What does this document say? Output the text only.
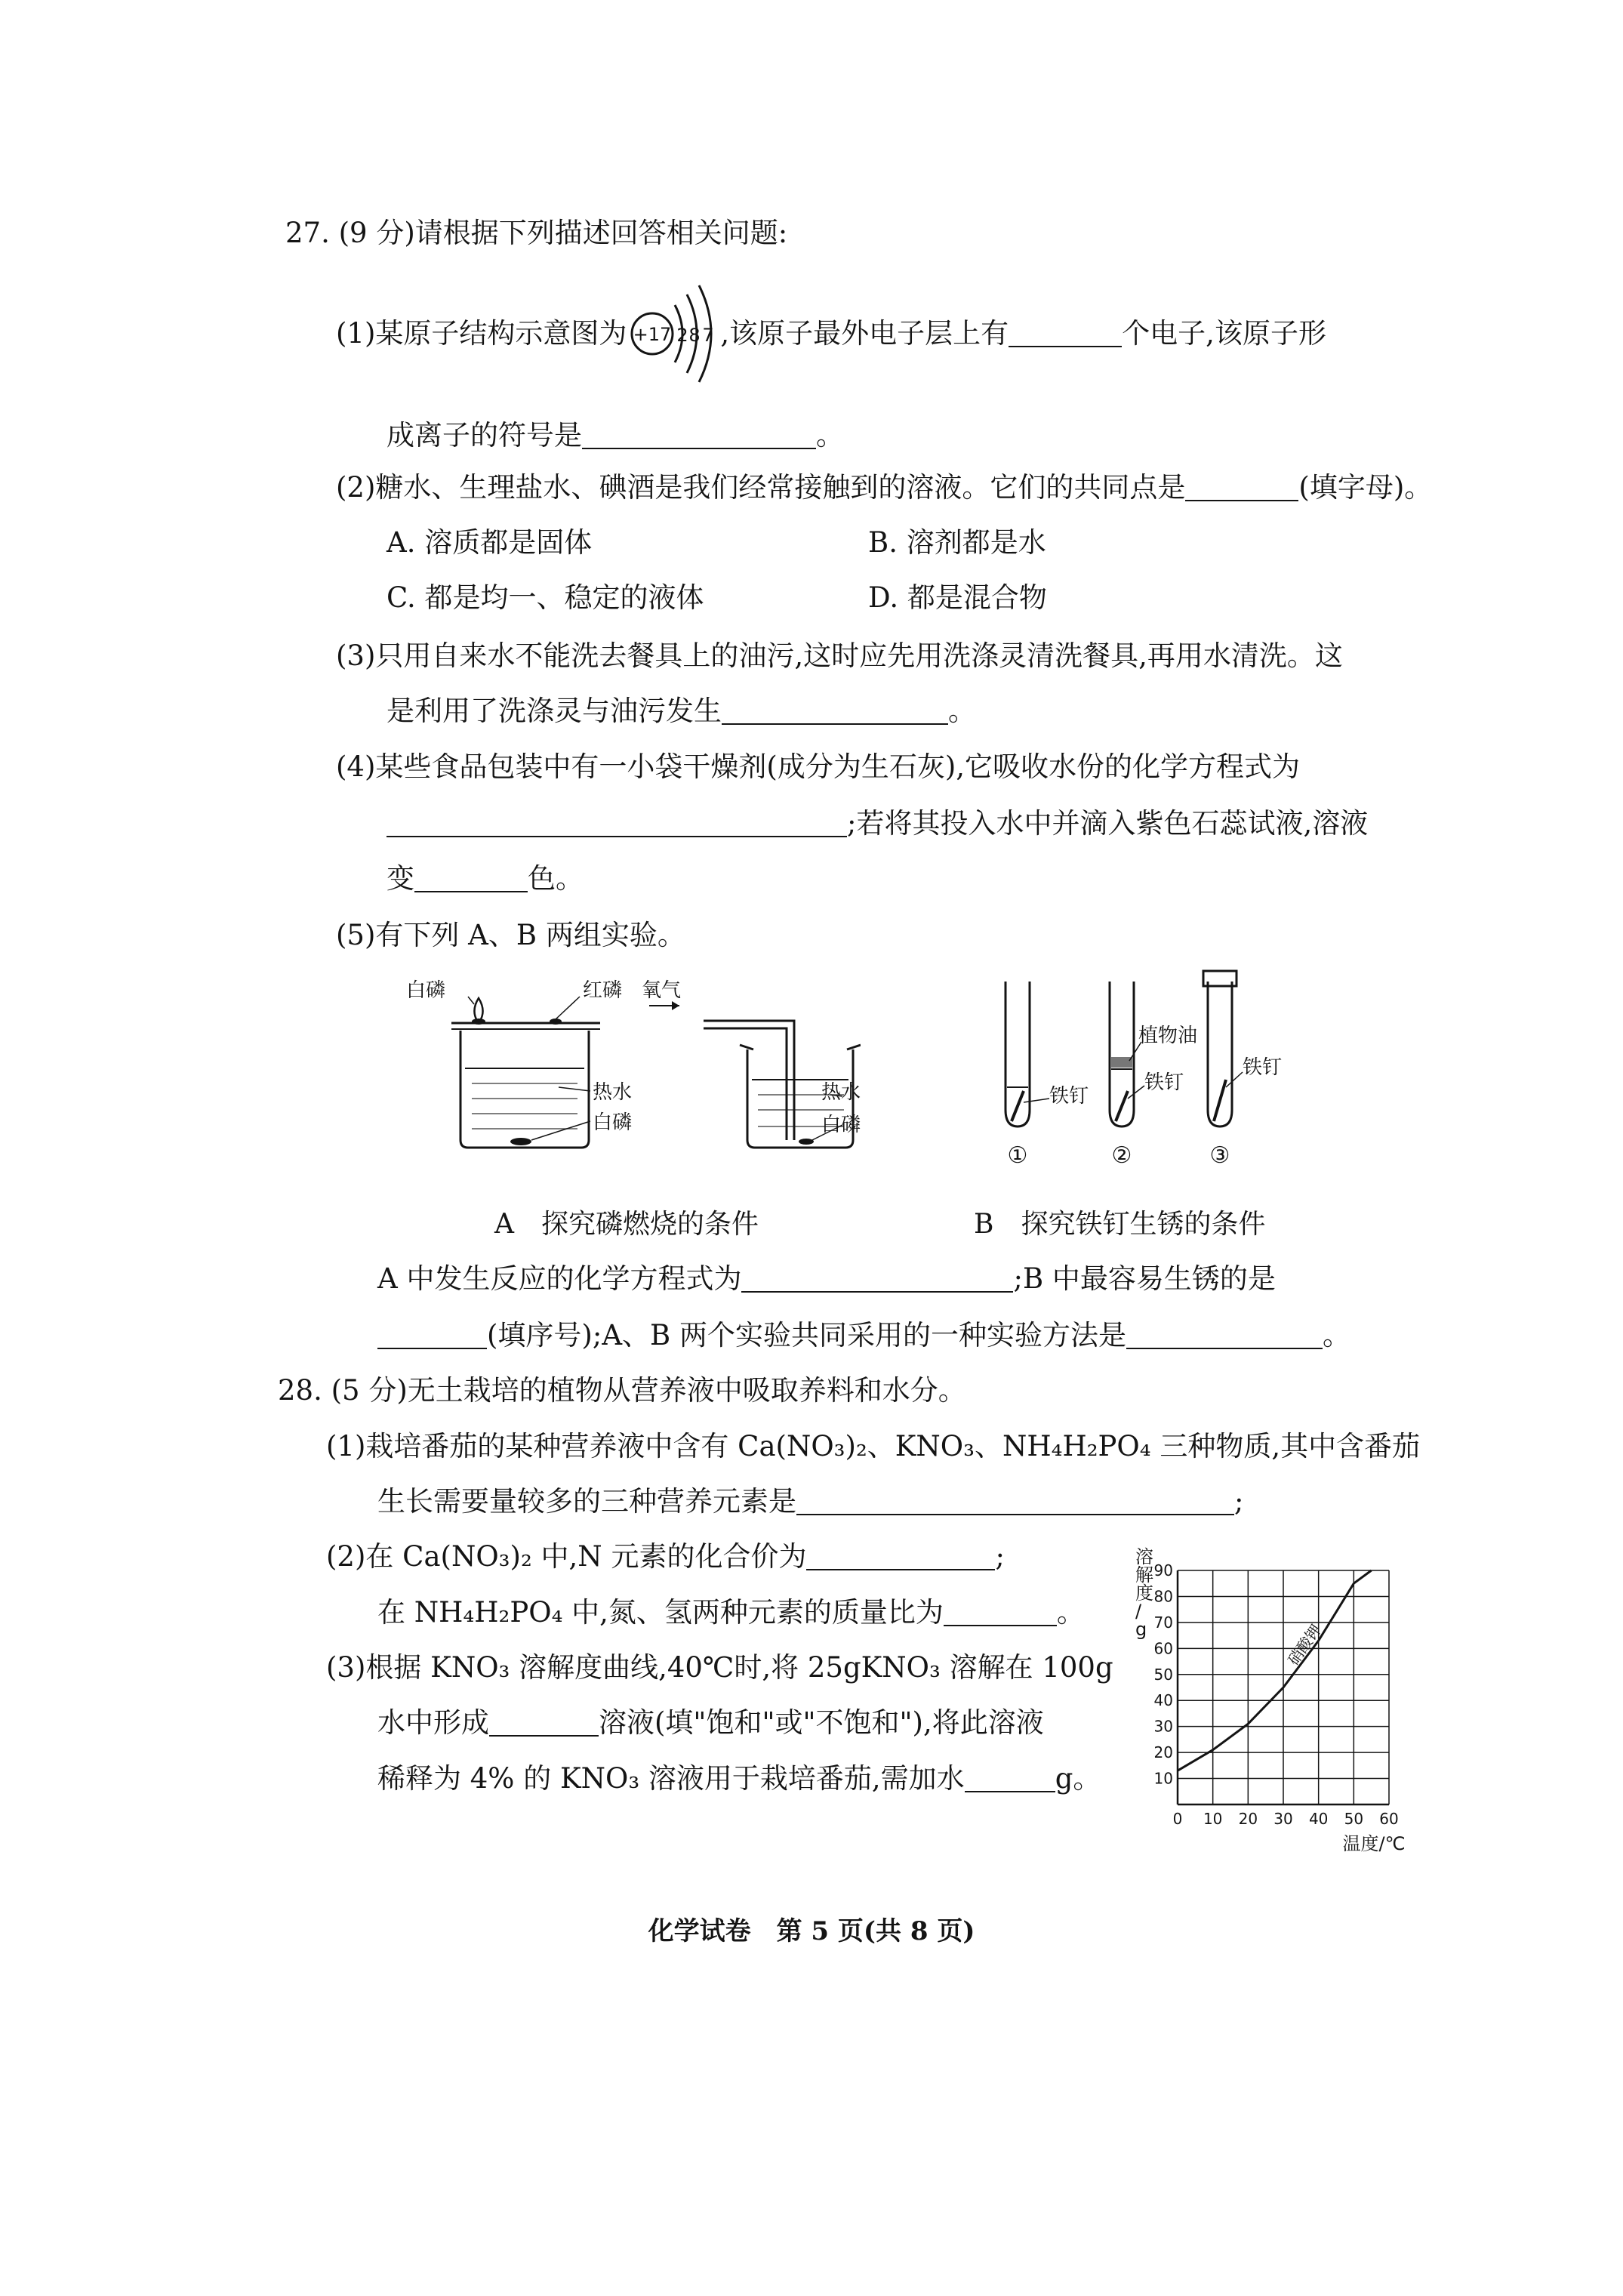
27. (9 分)请根据下列描述回答相关问题:
(1)某原子结构示意图为 +17 2 8 7 ,该原子最外电子层上有	个电子,该原子形
成离子的符号是	。
(2)糖水、生理盐水、碘酒是我们经常接触到的溶液。它们的共同点是	(填字母)。
A. 溶质都是固体	B. 溶剂都是水
C. 都是均一、稳定的液体	D. 都是混合物
(3)只用自来水不能洗去餐具上的油污,这时应先用洗涤灵清洗餐具,再用水清洗。这
是利用了洗涤灵与油污发生	。
(4)某些食品包装中有一小袋干燥剂(成分为生石灰),它吸收水份的化学方程式为
;若将其投入水中并滴入紫色石蕊试液,溶液
变	色。
(5)有下列 A、B 两组实验。
白磷	红磷 氧气
热水
白磷
热水
白磷
铁钉
植物油
铁钉
铁钉
①	②	③
A　探究磷燃烧的条件	B　探究铁钉生锈的条件
A 中发生反应的化学方程式为	;B 中最容易生锈的是
(填序号);A、B 两个实验共同采用的一种实验方法是	。
28. (5 分)无土栽培的植物从营养液中吸取养料和水分。
(1)栽培番茄的某种营养液中含有 Ca(NO₃)₂、KNO₃、NH₄H₂PO₄ 三种物质,其中含番茄
生长需要量较多的三种营养元素是	;
(2)在 Ca(NO₃)₂ 中,N 元素的化合价为	;
在 NH₄H₂PO₄ 中,氮、氢两种元素的质量比为	。
(3)根据 KNO₃ 溶解度曲线,40℃时,将 25gKNO₃ 溶解在 100g
水中形成	溶液(填"饱和"或"不饱和"),将此溶液
稀释为 4% 的 KNO₃ 溶液用于栽培番茄,需加水	g。
0 10 20 30 40 50 60
10
20
30
40
50
60
70
80
90
硝酸钾
溶解度/ g
温度/℃
化学试卷　第 5 页(共 8 页)
